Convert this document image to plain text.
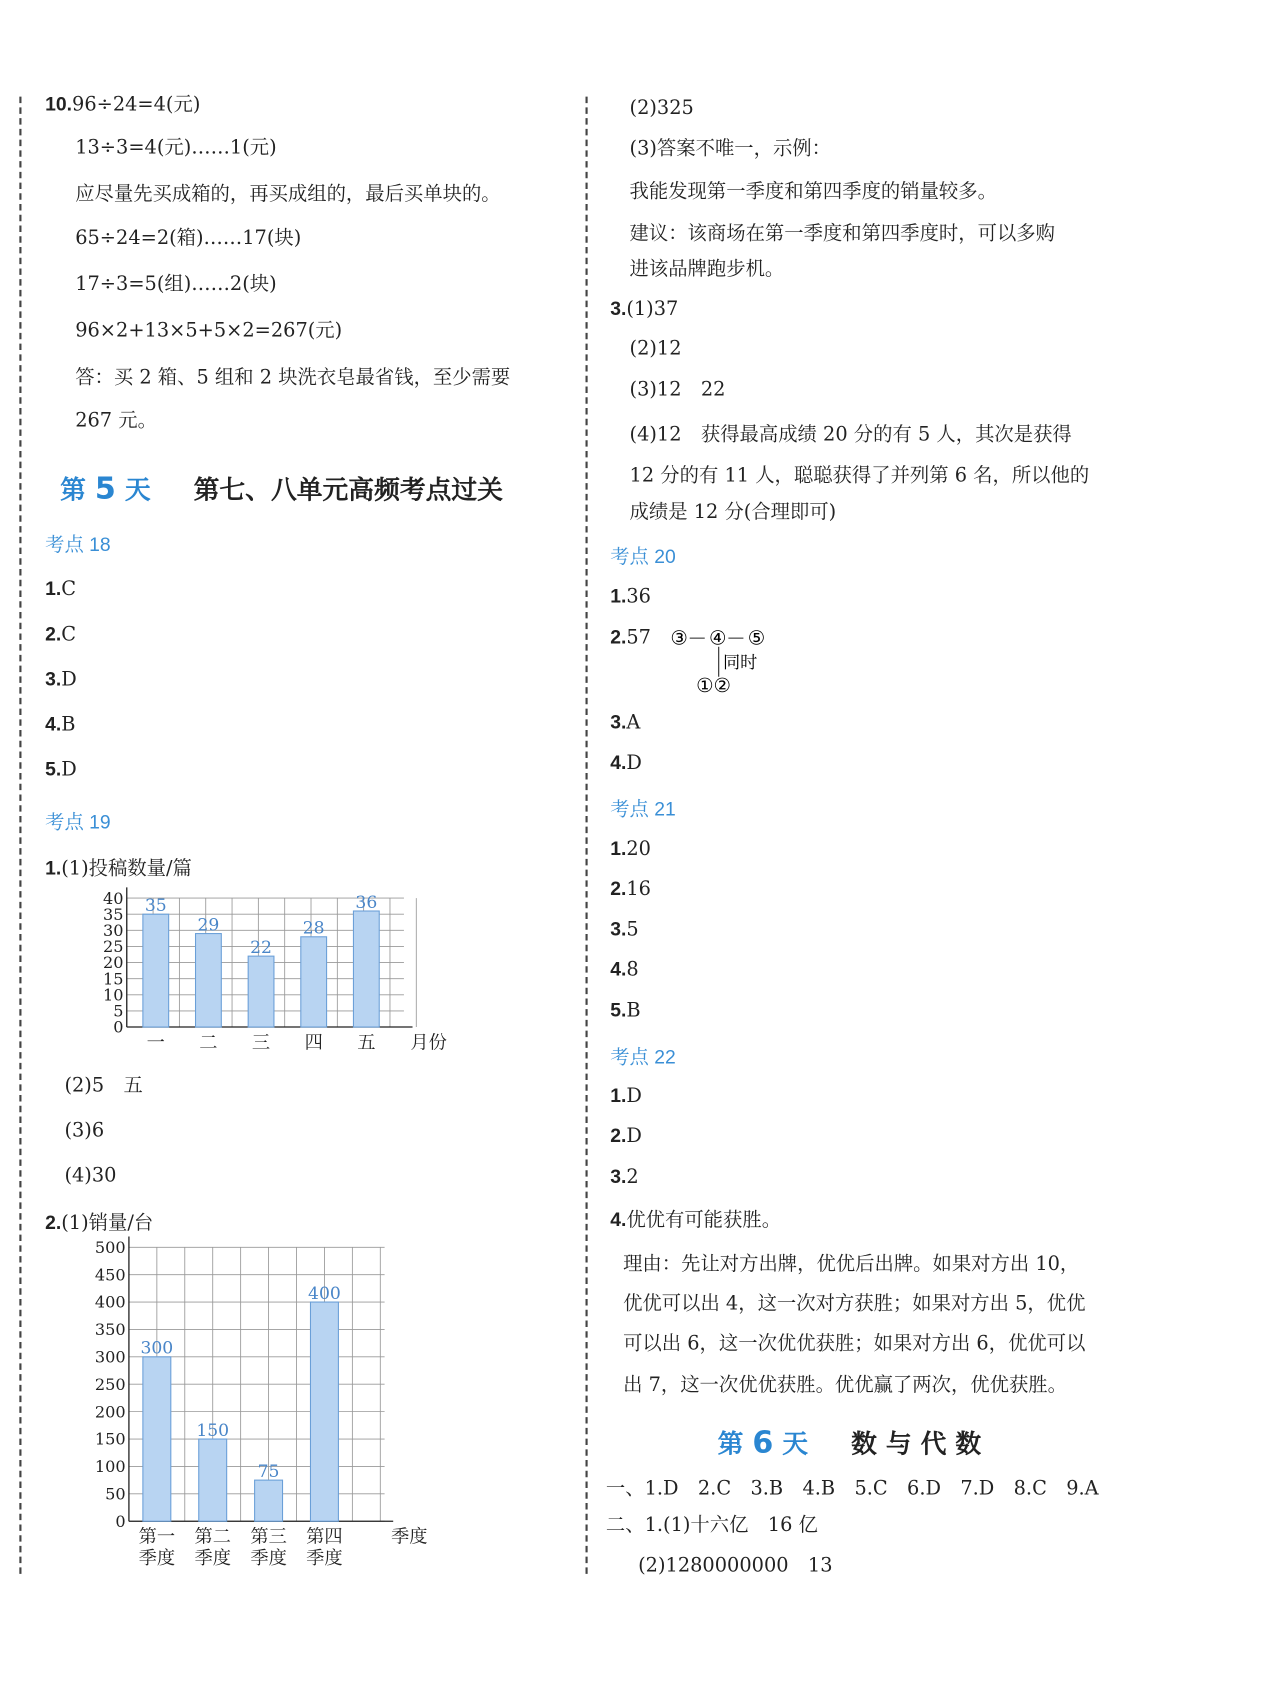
10.96÷24=4(元)
13÷3=4(元)……1(元)
应尽量先买成箱的，再买成组的，最后买单块的。
65÷24=2(箱)……17(块)
17÷3=5(组)……2(块)
96×2+13×5+5×2=267(元)
答：买 2 箱、5 组和 2 块洗衣皂最省钱，至少需要
267 元。
1.C
2.C
3.D
4.B
5.D
1.(1)投稿数量/篇
(2)5　五
(3)6
(4)30
2.(1)销量/台
(2)325
(3)答案不唯一，示例：
我能发现第一季度和第四季度的销量较多。
建议：该商场在第一季度和第四季度时，可以多购
进该品牌跑步机。
3.(1)37
(2)12
(3)12　22
(4)12　获得最高成绩 20 分的有 5 人，其次是获得
12 分的有 11 人，聪聪获得了并列第 6 名，所以他的
成绩是 12 分(合理即可)
1.36
2.57
3.A
4.D
1.20
2.16
3.5
4.8
5.B
1.D
2.D
3.2
4.优优有可能获胜。
理由：先让对方出牌，优优后出牌。如果对方出 10，
优优可以出 4，这一次对方获胜；如果对方出 5，优优
可以出 6，这一次优优获胜；如果对方出 6，优优可以
出 7，这一次优优获胜。优优赢了两次，优优获胜。
一、1.D　2.C　3.B　4.B　5.C　6.D　7.D　8.C　9.A
二、1.(1)十六亿　16 亿
(2)1280000000　13
考点 18
考点 19
考点 20
考点 21
考点 22
第 5 天 第七、八单元高频考点过关
第 6 天 数 与 代 数
0
5
10
15
20
25
30
35
40 35
一
29
二
22
三
28
四
36
五 月份
0
50
100
150
200
250
300
350
400
450
500
300
第一
季度
150
第二
季度
75
第三
季度
400
第四
季度
季度
③ ④ ⑤
同时
①②
